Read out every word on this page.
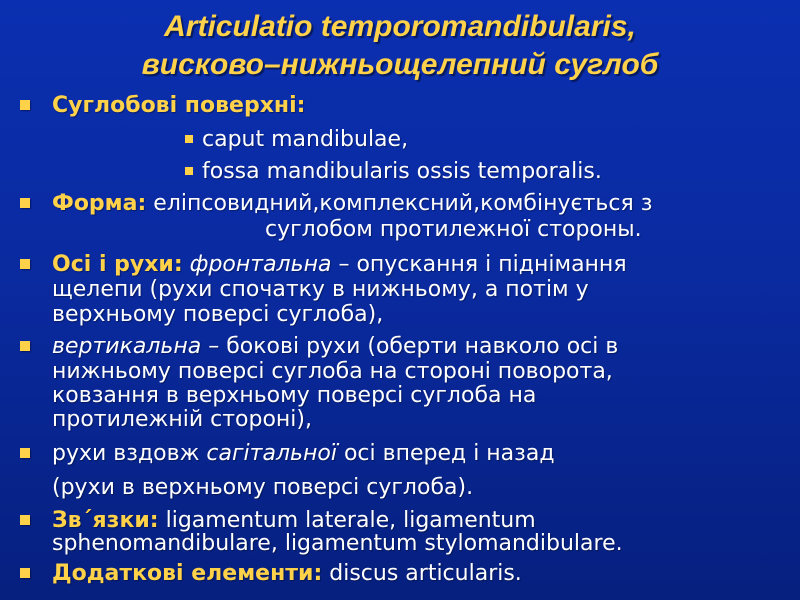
Articulatio temporomandibularis,
вискoво–нижньощелепний суглоб
Суглобові поверхні:
caput mandibulae,
fossa mandibularis ossis temporalis.
Форма: еліпсовидний,комплексний,комбінується з
суглобом протилежної стороны.
Осі і рухи: фронтальна – опускання і піднімання
щелепи (рухи спочатку в нижньому, а потім у
верхньому поверсі суглоба),
вертикальна – бокові рухи (оберти навколо осі в
нижньому поверсі суглоба на стороні поворота,
ковзання в верхньому поверсі суглоба на
протилежній стороні),
рухи вздовж сагітальної осі вперед і назад
(рухи в верхньому поверсі суглоба).
Зв´язки: ligamentum laterale, ligamentum
sphenomandibulare, ligamentum stylomandibulare.
Додаткові елементи: discus articularis.
